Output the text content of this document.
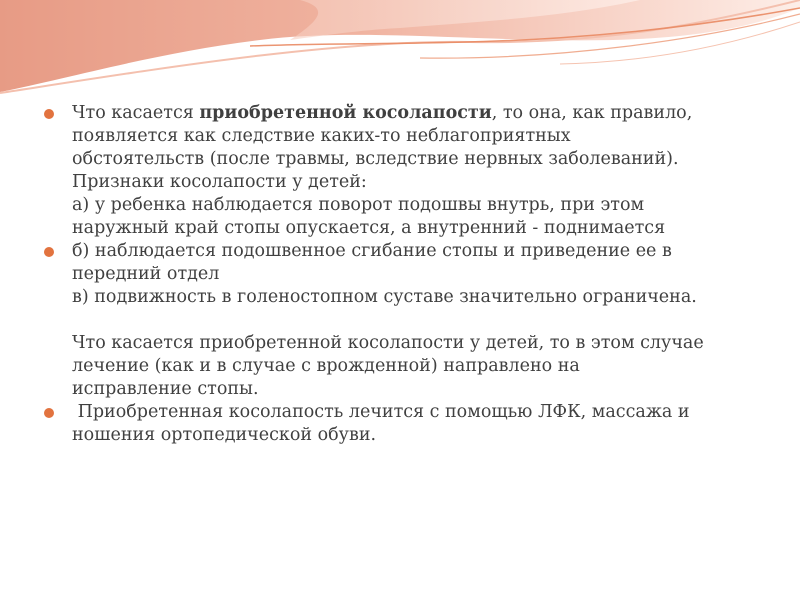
Что касается приобретенной косолапости, то она, как правило,
появляется как следствие каких-то неблагоприятных
обстоятельств (после травмы, вследствие нервных заболеваний).
Признаки косолапости у детей:
а) у ребенка наблюдается поворот подошвы внутрь, при этом
наружный край стопы опускается, а внутренний - поднимается
б) наблюдается подошвенное сгибание стопы и приведение ее в
передний отдел
в) подвижность в голеностопном суставе значительно ограничена.
Что касается приобретенной косолапости у детей, то в этом случае
лечение (как и в случае с врожденной) направлено на
исправление стопы.
Приобретенная косолапость лечится с помощью ЛФК, массажа и
ношения ортопедической обуви.
